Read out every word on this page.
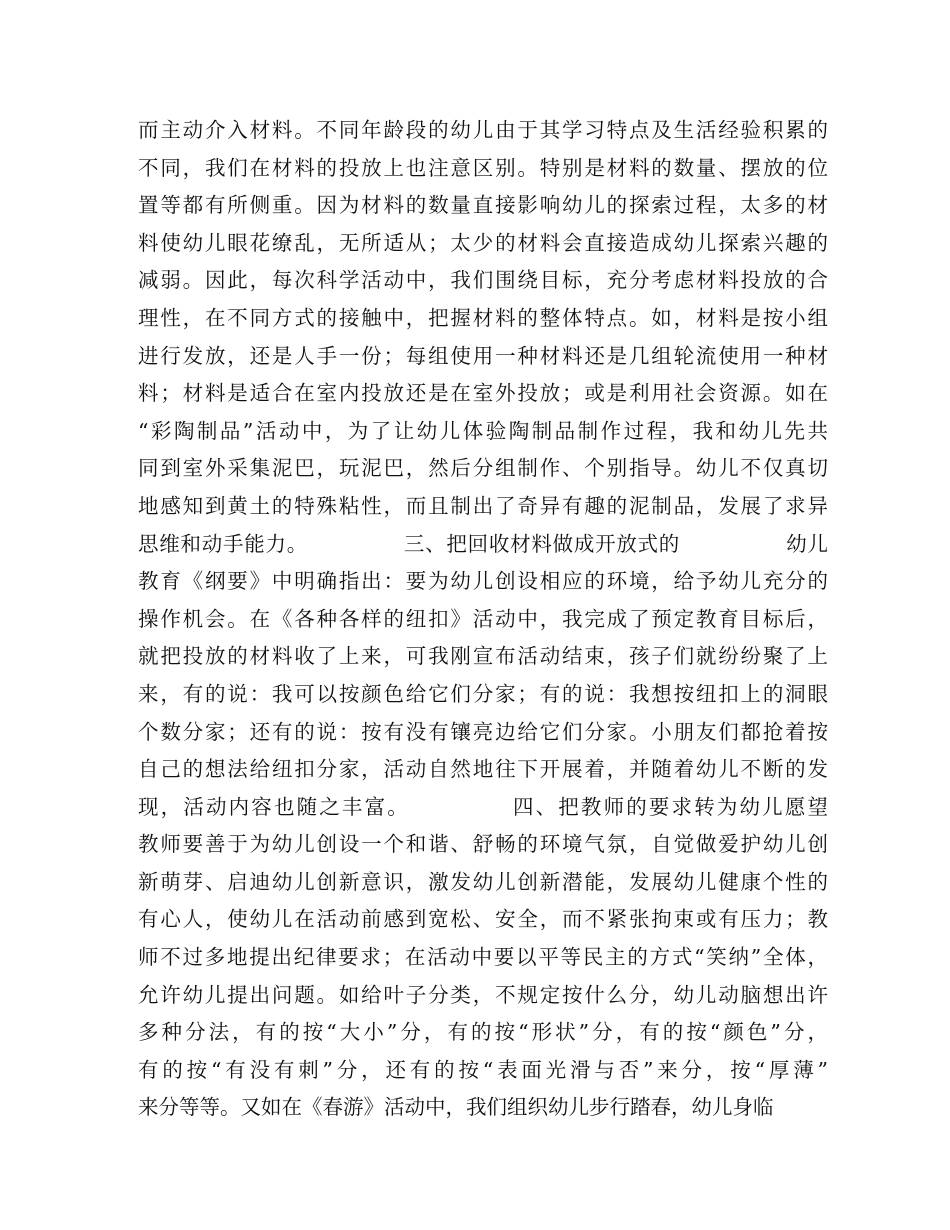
而主动介入材料。不同年龄段的幼儿由于其学习特点及生活经验积累的
不同，我们在材料的投放上也注意区别。特别是材料的数量、摆放的位
置等都有所侧重。因为材料的数量直接影响幼儿的探索过程，太多的材
料使幼儿眼花缭乱，无所适从；太少的材料会直接造成幼儿探索兴趣的
减弱。因此，每次科学活动中，我们围绕目标，充分考虑材料投放的合
理性，在不同方式的接触中，把握材料的整体特点。如，材料是按小组
进行发放，还是人手一份；每组使用一种材料还是几组轮流使用一种材
料；材料是适合在室内投放还是在室外投放；或是利用社会资源。如在
“彩陶制品”活动中，为了让幼儿体验陶制品制作过程，我和幼儿先共
同到室外采集泥巴，玩泥巴，然后分组制作、个别指导。幼儿不仅真切
地感知到黄土的特殊粘性，而且制出了奇异有趣的泥制品，发展了求异
思维和动手能力。　　　　　三、把回收材料做成开放式的　　　　　幼儿
教育《纲要》中明确指出：要为幼儿创设相应的环境，给予幼儿充分的
操作机会。在《各种各样的纽扣》活动中，我完成了预定教育目标后，
就把投放的材料收了上来，可我刚宣布活动结束，孩子们就纷纷聚了上
来，有的说：我可以按颜色给它们分家；有的说：我想按纽扣上的洞眼
个数分家；还有的说：按有没有镶亮边给它们分家。小朋友们都抢着按
自己的想法给纽扣分家，活动自然地往下开展着，并随着幼儿不断的发
现，活动内容也随之丰富。　　　　　四、把教师的要求转为幼儿愿望
教师要善于为幼儿创设一个和谐、舒畅的环境气氛，自觉做爱护幼儿创
新萌芽、启迪幼儿创新意识，激发幼儿创新潜能，发展幼儿健康个性的
有心人，使幼儿在活动前感到宽松、安全，而不紧张拘束或有压力；教
师不过多地提出纪律要求；在活动中要以平等民主的方式“笑纳”全体，
允许幼儿提出问题。如给叶子分类，不规定按什么分，幼儿动脑想出许
多种分法，有的按“大小”分，有的按“形状”分，有的按“颜色”分，
有的按“有没有刺”分，还有的按“表面光滑与否”来分，按“厚薄”
来分等等。又如在《春游》活动中，我们组织幼儿步行踏春，幼儿身临
